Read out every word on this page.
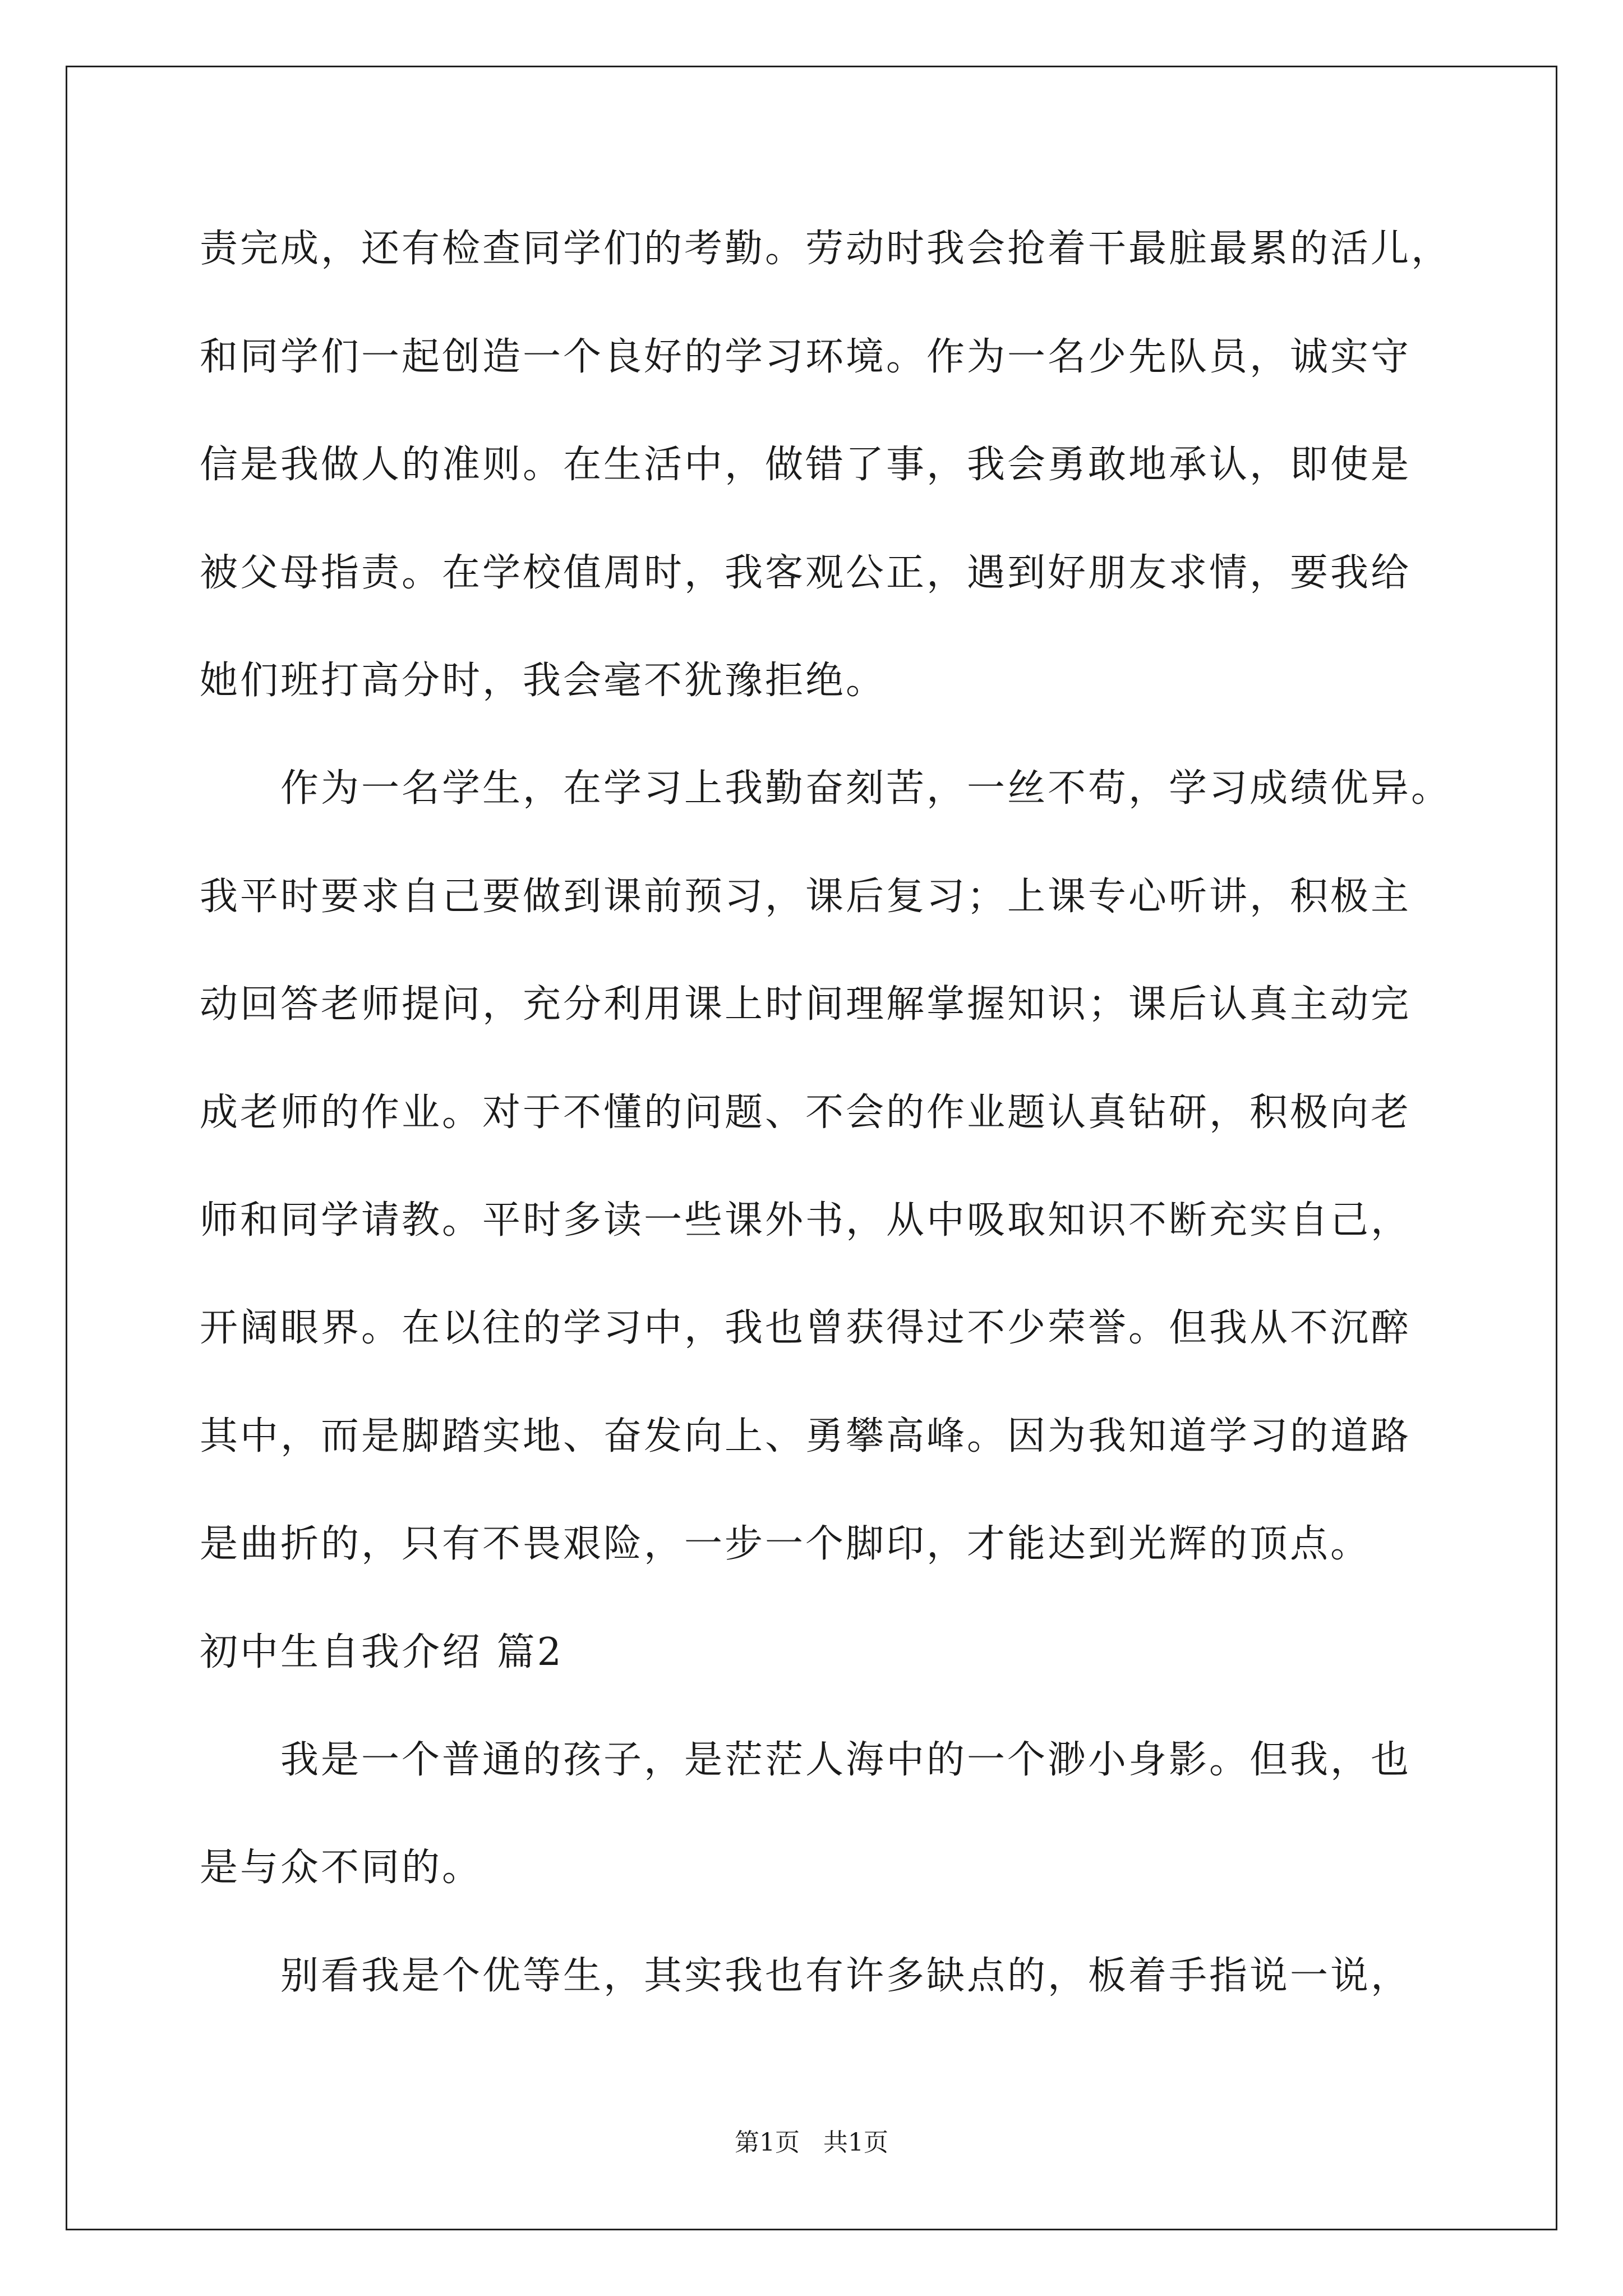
责完成，还有检查同学们的考勤。劳动时我会抢着干最脏最累的活儿，
和同学们一起创造一个良好的学习环境。作为一名少先队员，诚实守
信是我做人的准则。在生活中，做错了事，我会勇敢地承认，即使是
被父母指责。在学校值周时，我客观公正，遇到好朋友求情，要我给
她们班打高分时，我会毫不犹豫拒绝。
作为一名学生，在学习上我勤奋刻苦，一丝不苟，学习成绩优异。
我平时要求自己要做到课前预习，课后复习；上课专心听讲，积极主
动回答老师提问，充分利用课上时间理解掌握知识；课后认真主动完
成老师的作业。对于不懂的问题、不会的作业题认真钻研，积极向老
师和同学请教。平时多读一些课外书，从中吸取知识不断充实自己，
开阔眼界。在以往的学习中，我也曾获得过不少荣誉。但我从不沉醉
其中，而是脚踏实地、奋发向上、勇攀高峰。因为我知道学习的道路
是曲折的，只有不畏艰险，一步一个脚印，才能达到光辉的顶点。
初中生自我介绍 篇2
我是一个普通的孩子，是茫茫人海中的一个渺小身影。但我，也
是与众不同的。
别看我是个优等生，其实我也有许多缺点的，板着手指说一说，
第1页   共1页
